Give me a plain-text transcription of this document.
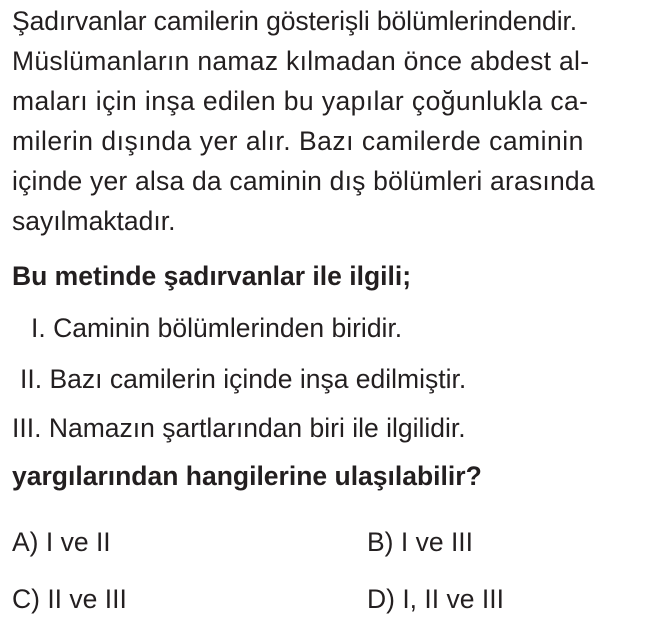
Şadırvanlar camilerin gösterişli bölümlerindendir.
Müslümanların namaz kılmadan önce abdest al-
maları için inşa edilen bu yapılar çoğunlukla ca-
milerin dışında yer alır. Bazı camilerde caminin
içinde yer alsa da caminin dış bölümleri arasında
sayılmaktadır.
Bu metinde şadırvanlar ile ilgili;
I. Caminin bölümlerinden biridir.
II. Bazı camilerin içinde inşa edilmiştir.
III. Namazın şartlarından biri ile ilgilidir.
yargılarından hangilerine ulaşılabilir?
A) I ve II	B) I ve III
C) II ve III	D) I, II ve III
